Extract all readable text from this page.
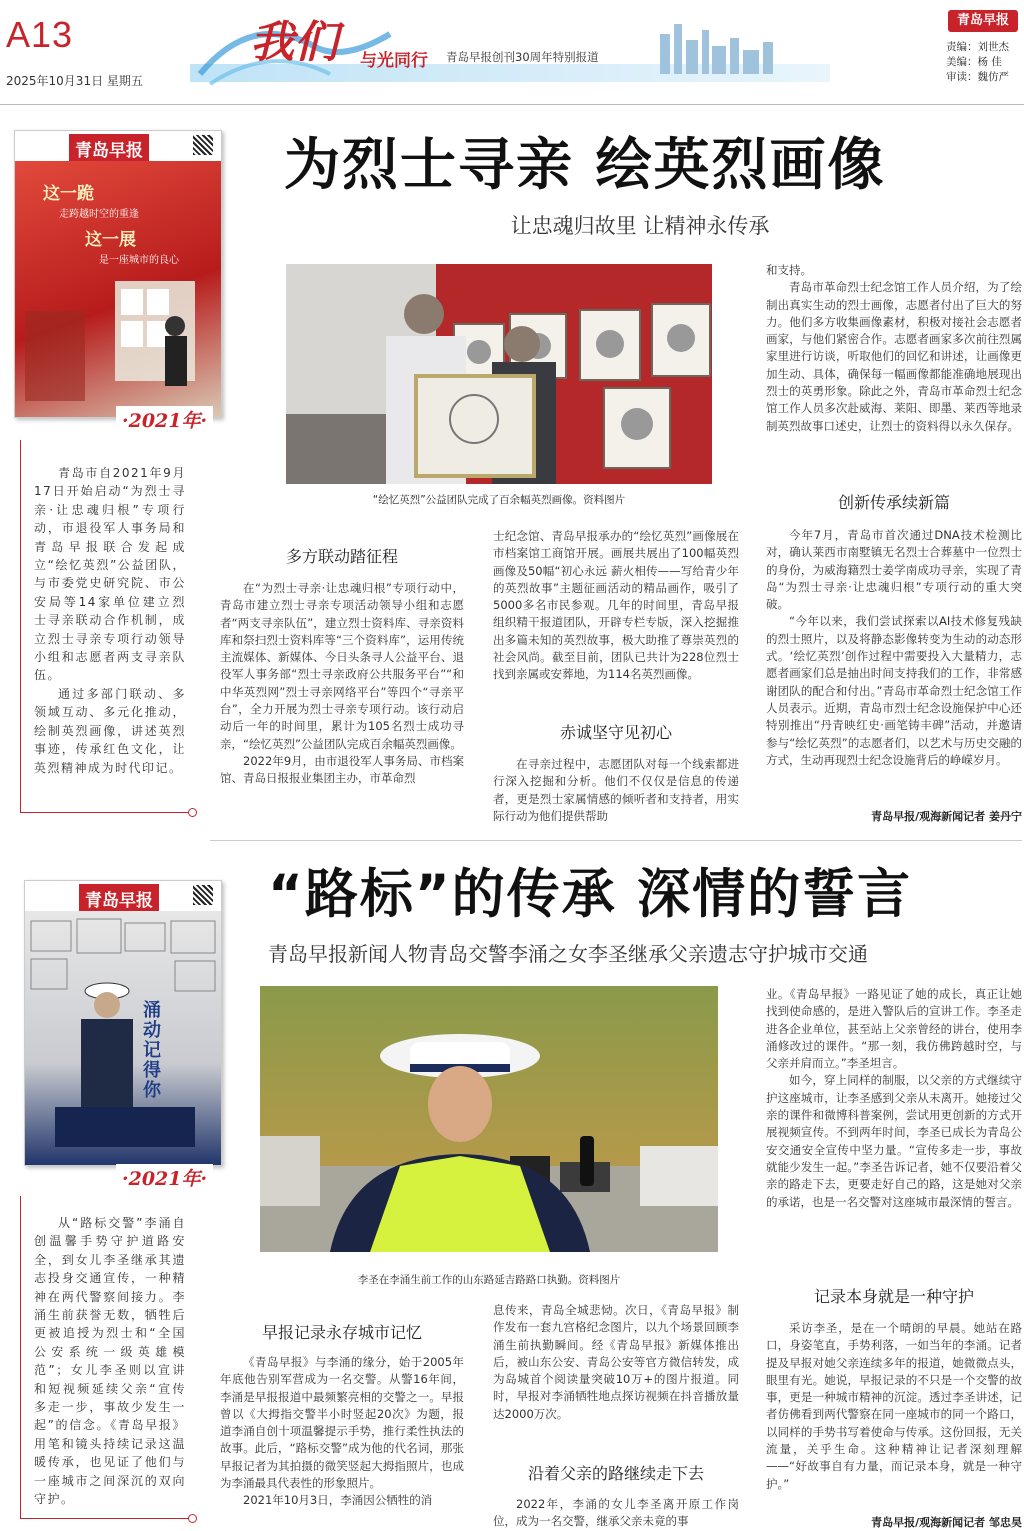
A13
2025年10月31日 星期五
我们 与光同行 青岛早报创刊30周年特别报道
青岛早报
责编：刘世杰
美编：杨 佳
审读：魏仿严
青岛早报
这一跪
走跨越时空的重逢
这一展
是一座城市的良心
·2021年·

青岛市自2021年9月17日开始启动“为烈士寻亲·让忠魂归根”专项行动，市退役军人事务局和青岛早报联合发起成立“绘忆英烈”公益团队，与市委党史研究院、市公安局等14家单位建立烈士寻亲联动合作机制，成立烈士寻亲专项行动领导小组和志愿者两支寻亲队伍。

通过多部门联动、多领域互动、多元化推动，绘制英烈画像，讲述英烈事迹，传承红色文化，让英烈精神成为时代印记。

为烈士寻亲 绘英烈画像
让忠魂归故里 让精神永传承
“绘忆英烈”公益团队完成了百余幅英烈画像。资料图片
多方联动踏征程

在“为烈士寻亲·让忠魂归根”专项行动中，青岛市建立烈士寻亲专项活动领导小组和志愿者“两支寻亲队伍”，建立烈士资料库、寻亲资料库和祭扫烈士资料库等“三个资料库”，运用传统主流媒体、新媒体、今日头条寻人公益平台、退役军人事务部“烈士寻亲政府公共服务平台”“和中华英烈网”烈士寻亲网络平台”等四个“寻亲平台”，全力开展为烈士寻亲专项行动。该行动启动后一年的时间里，累计为105名烈士成功寻亲，“绘忆英烈”公益团队完成百余幅英烈画像。

2022年9月，由市退役军人事务局、市档案馆、青岛日报报业集团主办，市革命烈

士纪念馆、青岛早报承办的“绘忆英烈”画像展在市档案馆工商馆开展。画展共展出了100幅英烈画像及50幅“初心永远 薪火相传——写给青少年的英烈故事”主题征画活动的精品画作，吸引了5000多名市民参观。几年的时间里，青岛早报组织精干报道团队，开辟专栏专版，深入挖掘推出多篇未知的英烈故事，极大助推了尊崇英烈的社会风尚。截至目前，团队已共计为228位烈士找到亲属或安葬地，为114名英烈画像。

赤诚坚守见初心

在寻亲过程中，志愿团队对每一个线索都进行深入挖掘和分析。他们不仅仅是信息的传递者，更是烈士家属情感的倾听者和支持者，用实际行动为他们提供帮助

和支持。

青岛市革命烈士纪念馆工作人员介绍，为了绘制出真实生动的烈士画像，志愿者付出了巨大的努力。他们多方收集画像素材，积极对接社会志愿者画家，与他们紧密合作。志愿者画家多次前往烈属家里进行访谈，听取他们的回忆和讲述，让画像更加生动、具体，确保每一幅画像都能准确地展现出烈士的英勇形象。除此之外，青岛市革命烈士纪念馆工作人员多次赴威海、莱阳、即墨、莱西等地录制英烈故事口述史，让烈士的资料得以永久保存。

创新传承续新篇

今年7月，青岛市首次通过DNA技术检测比对，确认莱西市南墅镇无名烈士合葬墓中一位烈士的身份，为威海籍烈士姜学南成功寻亲，实现了青岛“为烈士寻亲·让忠魂归根”专项行动的重大突破。

“今年以来，我们尝试探索以AI技术修复残缺的烈士照片，以及将静态影像转变为生动的动态形式。‘绘忆英烈’创作过程中需要投入大量精力，志愿者画家们总是抽出时间支持我们的工作，非常感谢团队的配合和付出。”青岛市革命烈士纪念馆工作人员表示。近期，青岛市烈士纪念设施保护中心还特别推出“丹青映红史·画笔铸丰碑”活动，并邀请参与“绘忆英烈”的志愿者们，以艺术与历史交融的方式，生动再现烈士纪念设施背后的峥嵘岁月。

青岛早报/观海新闻记者 姜丹宁
青岛早报
涌动记得你
·2021年·

从“路标交警”李涌自创温馨手势守护道路安全，到女儿李圣继承其遗志投身交通宣传，一种精神在两代警察间接力。李涌生前获誉无数，牺牲后更被追授为烈士和“全国公安系统一级英雄模范”；女儿李圣则以宣讲和短视频延续父亲“宣传多走一步，事故少发生一起”的信念。《青岛早报》用笔和镜头持续记录这温暖传承，也见证了他们与一座城市之间深沉的双向守护。

“路标”的传承 深情的誓言
青岛早报新闻人物青岛交警李涌之女李圣继承父亲遗志守护城市交通
李圣在李涌生前工作的山东路延吉路路口执勤。资料图片
早报记录永存城市记忆

《青岛早报》与李涌的缘分，始于2005年年底他告别军营成为一名交警。从警16年间，李涌是早报报道中最频繁亮相的交警之一。早报曾以《大拇指交警半小时竖起20次》为题，报道李涌自创十项温馨提示手势，推行柔性执法的故事。此后，“路标交警”成为他的代名词，那张早报记者为其拍摄的微笑竖起大拇指照片，也成为李涌最具代表性的形象照片。

2021年10月3日，李涌因公牺牲的消

息传来，青岛全城悲恸。次日，《青岛早报》制作发布一套九宫格纪念图片，以九个场景回顾李涌生前执勤瞬间。经《青岛早报》新媒体推出后，被山东公安、青岛公安等官方微信转发，成为岛城首个阅读量突破10万+的图片报道。同时，早报对李涌牺牲地点探访视频在抖音播放量达2000万次。

沿着父亲的路继续走下去

2022年，李涌的女儿李圣离开原工作岗位，成为一名交警，继承父亲未竟的事

业。《青岛早报》一路见证了她的成长，真正让她找到使命感的，是进入警队后的宣讲工作。李圣走进各企业单位，甚至站上父亲曾经的讲台，使用李涌修改过的课件。“那一刻，我仿佛跨越时空，与父亲并肩而立。”李圣坦言。

如今，穿上同样的制服，以父亲的方式继续守护这座城市，让李圣感到父亲从未离开。她接过父亲的课件和微博科普案例，尝试用更创新的方式开展视频宣传。不到两年时间，李圣已成长为青岛公安交通安全宣传中坚力量。“宣传多走一步，事故就能少发生一起。”李圣告诉记者，她不仅要沿着父亲的路走下去，更要走好自己的路，这是她对父亲的承诺，也是一名交警对这座城市最深情的誓言。

记录本身就是一种守护

采访李圣，是在一个晴朗的早晨。她站在路口，身姿笔直，手势利落，一如当年的李涌。记者提及早报对她父亲连续多年的报道，她微微点头，眼里有光。她说，早报记录的不只是一个交警的故事，更是一种城市精神的沉淀。透过李圣讲述，记者仿佛看到两代警察在同一座城市的同一个路口，以同样的手势书写着使命与传承。这份回报，无关流量，关乎生命。这种精神让记者深刻理解——“好故事自有力量，而记录本身，就是一种守护。”

青岛早报/观海新闻记者 邹忠昊
